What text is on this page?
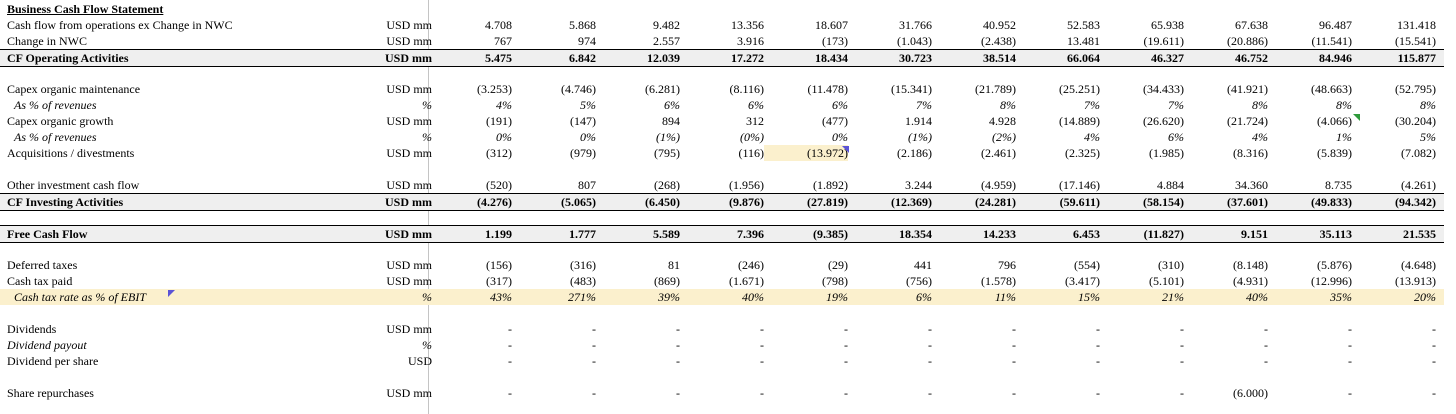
Business Cash Flow Statement
Cash flow from operations ex Change in NWC	USD mm	4.708	5.868	9.482	13.356	18.607	31.766	40.952	52.583	65.938	67.638	96.487	131.418
Change in NWC	USD mm	767	974	2.557	3.916	(173)	(1.043)	(2.438)	13.481	(19.611)	(20.886)	(11.541)	(15.541)
CF Operating Activities	USD mm	5.475	6.842	12.039	17.272	18.434	30.723	38.514	66.064	46.327	46.752	84.946	115.877
Capex organic maintenance	USD mm	(3.253)	(4.746)	(6.281)	(8.116)	(11.478)	(15.341)	(21.789)	(25.251)	(34.433)	(41.921)	(48.663)	(52.795)
As % of revenues	%	4%	5%	6%	6%	6%	7%	8%	7%	7%	8%	8%	8%
Capex organic growth	USD mm	(191)	(147)	894	312	(477)	1.914	4.928	(14.889)	(26.620)	(21.724)	(4.066)	(30.204)
As % of revenues	%	0%	0%	(1%)	(0%)	0%	(1%)	(2%)	4%	6%	4%	1%	5%
Acquisitions / divestments	USD mm	(312)	(979)	(795)	(116)	(13.972)	(2.186)	(2.461)	(2.325)	(1.985)	(8.316)	(5.839)	(7.082)
Other investment cash flow	USD mm	(520)	807	(268)	(1.956)	(1.892)	3.244	(4.959)	(17.146)	4.884	34.360	8.735	(4.261)
CF Investing Activities	USD mm	(4.276)	(5.065)	(6.450)	(9.876)	(27.819)	(12.369)	(24.281)	(59.611)	(58.154)	(37.601)	(49.833)	(94.342)
Free Cash Flow	USD mm	1.199	1.777	5.589	7.396	(9.385)	18.354	14.233	6.453	(11.827)	9.151	35.113	21.535
Deferred taxes	USD mm	(156)	(316)	81	(246)	(29)	441	796	(554)	(310)	(8.148)	(5.876)	(4.648)
Cash tax paid	USD mm	(317)	(483)	(869)	(1.671)	(798)	(756)	(1.578)	(3.417)	(5.101)	(4.931)	(12.996)	(13.913)
Cash tax rate as % of EBIT	%	43%	271%	39%	40%	19%	6%	11%	15%	21%	40%	35%	20%
Dividends	USD mm	-	-	-	-	-	-	-	-	-	-	-	-
Dividend payout	%	-	-	-	-	-	-	-	-	-	-	-	-
Dividend per share	USD	-	-	-	-	-	-	-	-	-	-	-	-
Share repurchases	USD mm	-	-	-	-	-	-	-	-	-	(6.000)	-	-
